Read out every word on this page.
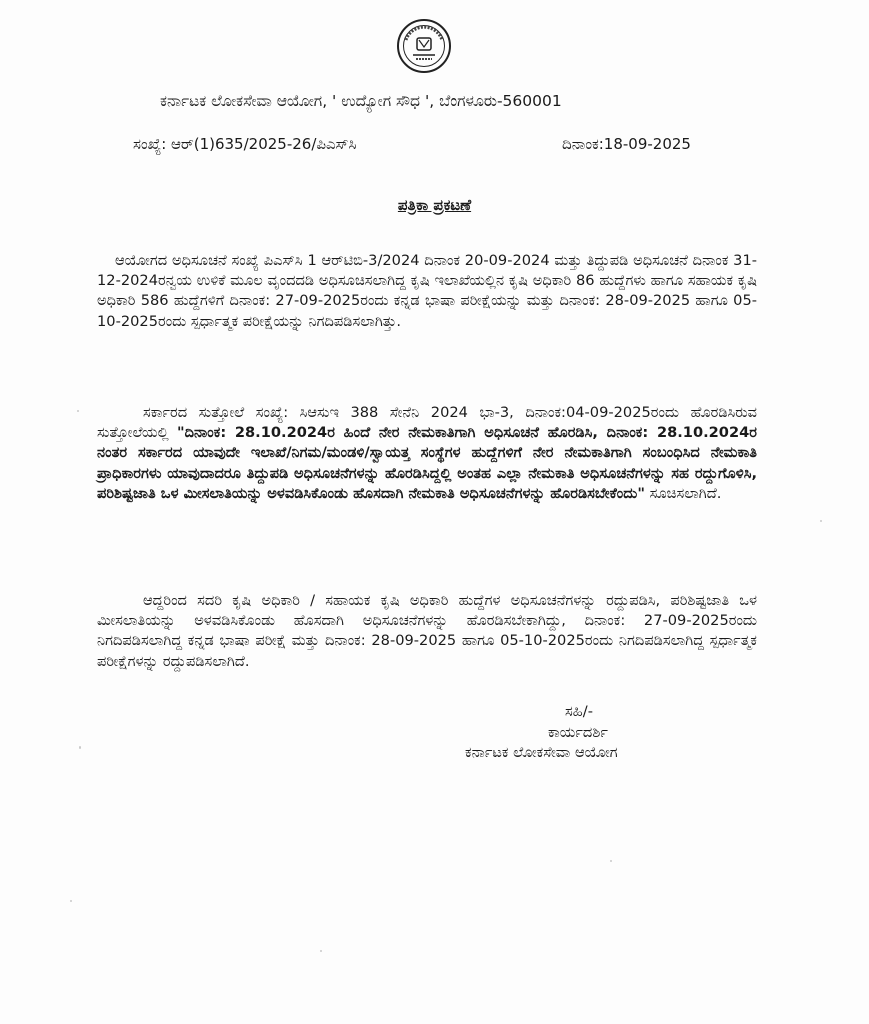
ಕರ್ನಾಟಕ ಲೋಕಸೇವಾ ಆಯೋಗ, ' ಉದ್ಯೋಗ ಸೌಧ ', ಬೆಂಗಳೂರು-560001
ಸಂಖ್ಯೆ: ಆರ್(1)635/2025-26/ಪಿಎಸ್‌ಸಿ	ದಿನಾಂಕ:18-09-2025
ಪತ್ರಿಕಾ ಪ್ರಕಟಣೆ

ಆಯೋಗದ ಅಧಿಸೂಚನೆ ಸಂಖ್ಯೆ ಪಿಎಸ್‌ಸಿ 1 ಆರ್‌ಟಿಬಿ-3/2024 ದಿನಾಂಕ 20-09-2024 ಮತ್ತು ತಿದ್ದುಪಡಿ ಅಧಿಸೂಚನೆ ದಿನಾಂಕ 31-12-2024ರನ್ವಯ ಉಳಿಕೆ ಮೂಲ ವೃಂದದಡಿ ಅಧಿಸೂಚಿಸಲಾಗಿದ್ದ ಕೃಷಿ ಇಲಾಖೆಯಲ್ಲಿನ ಕೃಷಿ ಅಧಿಕಾರಿ 86 ಹುದ್ದೆಗಳು ಹಾಗೂ ಸಹಾಯಕ ಕೃಷಿ ಅಧಿಕಾರಿ 586 ಹುದ್ದೆಗಳಿಗೆ ದಿನಾಂಕ: 27-09-2025ರಂದು ಕನ್ನಡ ಭಾಷಾ ಪರೀಕ್ಷೆಯನ್ನು ಮತ್ತು ದಿನಾಂಕ: 28-09-2025 ಹಾಗೂ 05-10-2025ರಂದು ಸ್ಪರ್ಧಾತ್ಮಕ ಪರೀಕ್ಷೆಯನ್ನು ನಿಗದಿಪಡಿಸಲಾಗಿತ್ತು.

ಸರ್ಕಾರದ ಸುತ್ತೋಲೆ ಸಂಖ್ಯೆ: ಸಿಆಸುಇ 388 ಸೇನೆನಿ 2024 ಭಾ-3, ದಿನಾಂಕ:04-09-2025ರಂದು ಹೊರಡಿಸಿರುವ ಸುತ್ತೋಲೆಯಲ್ಲಿ "ದಿನಾಂಕ: 28.10.2024ರ ಹಿಂದೆ ನೇರ ನೇಮಕಾತಿಗಾಗಿ ಅಧಿಸೂಚನೆ ಹೊರಡಿಸಿ, ದಿನಾಂಕ: 28.10.2024ರ ನಂತರ ಸರ್ಕಾರದ ಯಾವುದೇ ಇಲಾಖೆ/ನಿಗಮ/ಮಂಡಳಿ/ಸ್ವಾಯತ್ತ ಸಂಸ್ಥೆಗಳ ಹುದ್ದೆಗಳಿಗೆ ನೇರ ನೇಮಕಾತಿಗಾಗಿ ಸಂಬಂಧಿಸಿದ ನೇಮಕಾತಿ ಪ್ರಾಧಿಕಾರಗಳು ಯಾವುದಾದರೂ ತಿದ್ದುಪಡಿ ಅಧಿಸೂಚನೆಗಳನ್ನು ಹೊರಡಿಸಿದ್ದಲ್ಲಿ ಅಂತಹ ಎಲ್ಲಾ ನೇಮಕಾತಿ ಅಧಿಸೂಚನೆಗಳನ್ನು ಸಹ ರದ್ದುಗೊಳಿಸಿ, ಪರಿಶಿಷ್ಟಜಾತಿ ಒಳ ಮೀಸಲಾತಿಯನ್ನು ಅಳವಡಿಸಿಕೊಂಡು ಹೊಸದಾಗಿ ನೇಮಕಾತಿ ಅಧಿಸೂಚನೆಗಳನ್ನು ಹೊರಡಿಸಬೇಕೆಂದು" ಸೂಚಿಸಲಾಗಿದೆ.

ಆದ್ದರಿಂದ ಸದರಿ ಕೃಷಿ ಅಧಿಕಾರಿ / ಸಹಾಯಕ ಕೃಷಿ ಅಧಿಕಾರಿ ಹುದ್ದೆಗಳ ಅಧಿಸೂಚನೆಗಳನ್ನು ರದ್ದುಪಡಿಸಿ, ಪರಿಶಿಷ್ಟಜಾತಿ ಒಳ ಮೀಸಲಾತಿಯನ್ನು ಅಳವಡಿಸಿಕೊಂಡು ಹೊಸದಾಗಿ ಅಧಿಸೂಚನೆಗಳನ್ನು ಹೊರಡಿಸಬೇಕಾಗಿದ್ದು, ದಿನಾಂಕ: 27-09-2025ರಂದು ನಿಗದಿಪಡಿಸಲಾಗಿದ್ದ ಕನ್ನಡ ಭಾಷಾ ಪರೀಕ್ಷೆ ಮತ್ತು ದಿನಾಂಕ: 28-09-2025 ಹಾಗೂ 05-10-2025ರಂದು ನಿಗದಿಪಡಿಸಲಾಗಿದ್ದ ಸ್ಪರ್ಧಾತ್ಮಕ ಪರೀಕ್ಷೆಗಳನ್ನು ರದ್ದುಪಡಿಸಲಾಗಿದೆ.

ಸಹಿ/-
ಕಾರ್ಯದರ್ಶಿ
ಕರ್ನಾಟಕ ಲೋಕಸೇವಾ ಆಯೋಗ
